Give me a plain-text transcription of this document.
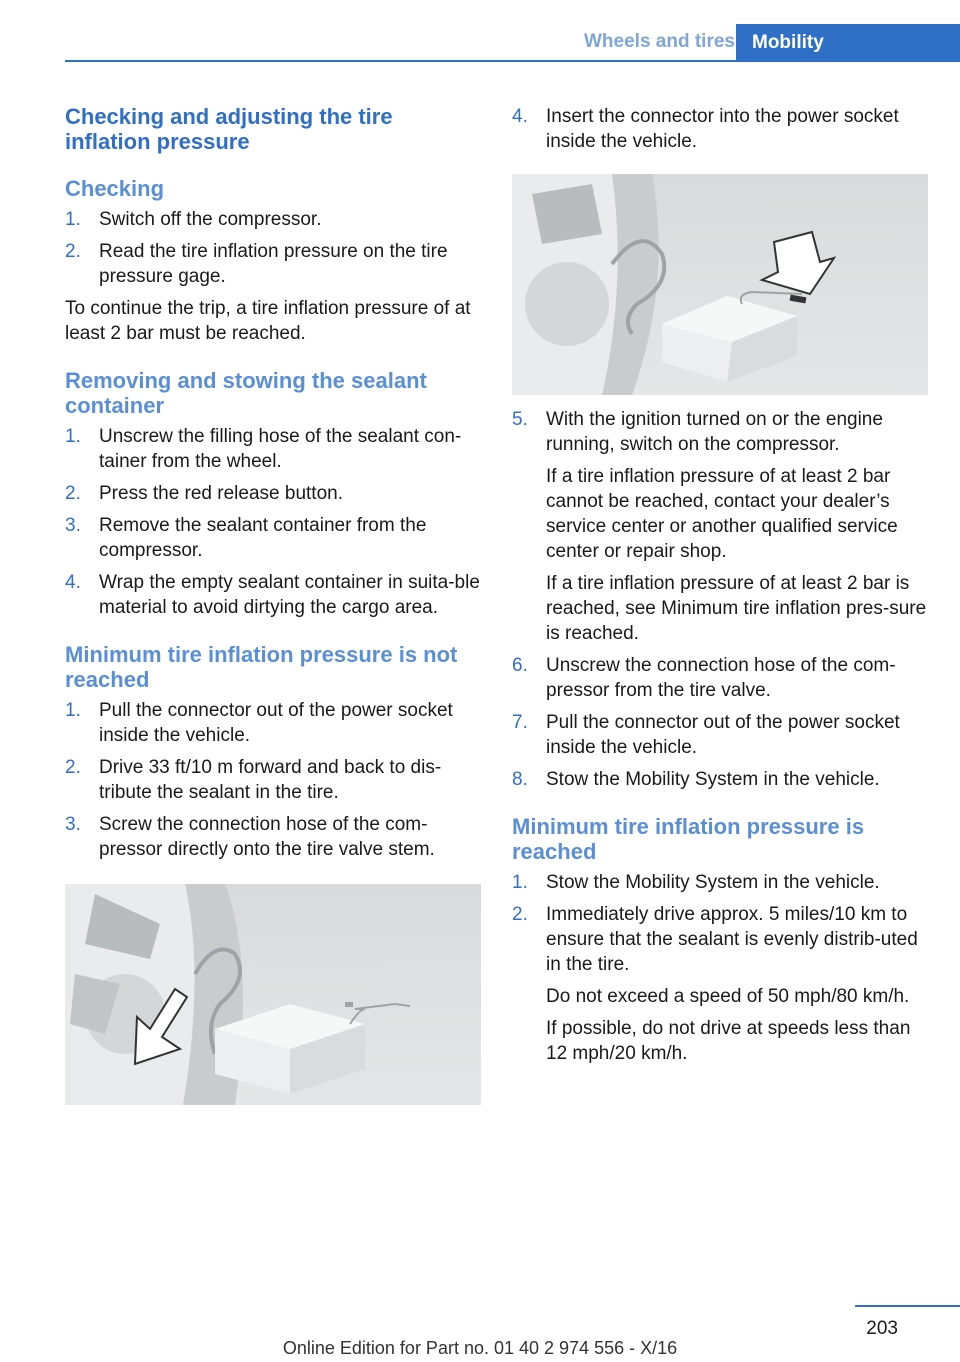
Wheels and tires Mobility
Checking and adjusting the tire inflation pressure
Checking
1. Switch off the compressor.
2. Read the tire inflation pressure on the tire pressure gage.

To continue the trip, a tire inflation pressure of at least 2 bar must be reached.

Removing and stowing the sealant container
1. Unscrew the filling hose of the sealant con‐tainer from the wheel.
2. Press the red release button.
3. Remove the sealant container from the compressor.
4. Wrap the empty sealant container in suita‐ble material to avoid dirtying the cargo area.
Minimum tire inflation pressure is not reached
1. Pull the connector out of the power socket inside the vehicle.
2. Drive 33 ft/10 m forward and back to dis‐tribute the sealant in the tire.
3. Screw the connection hose of the com‐pressor directly onto the tire valve stem.
4. Insert the connector into the power socket inside the vehicle.
5. With the ignition turned on or the engine running, switch on the compressor.

If a tire inflation pressure of at least 2 bar cannot be reached, contact your dealer’s service center or another qualified service center or repair shop.

If a tire inflation pressure of at least 2 bar is reached, see Minimum tire inflation pres‐sure is reached.

6. Unscrew the connection hose of the com‐pressor from the tire valve.
7. Pull the connector out of the power socket inside the vehicle.
8. Stow the Mobility System in the vehicle.
Minimum tire inflation pressure is reached
1. Stow the Mobility System in the vehicle.
2. Immediately drive approx. 5 miles/10 km to ensure that the sealant is evenly distrib‐uted in the tire.

Do not exceed a speed of 50 mph/80 km/h.

If possible, do not drive at speeds less than 12 mph/20 km/h.

203
Online Edition for Part no. 01 40 2 974 556 - X/16
